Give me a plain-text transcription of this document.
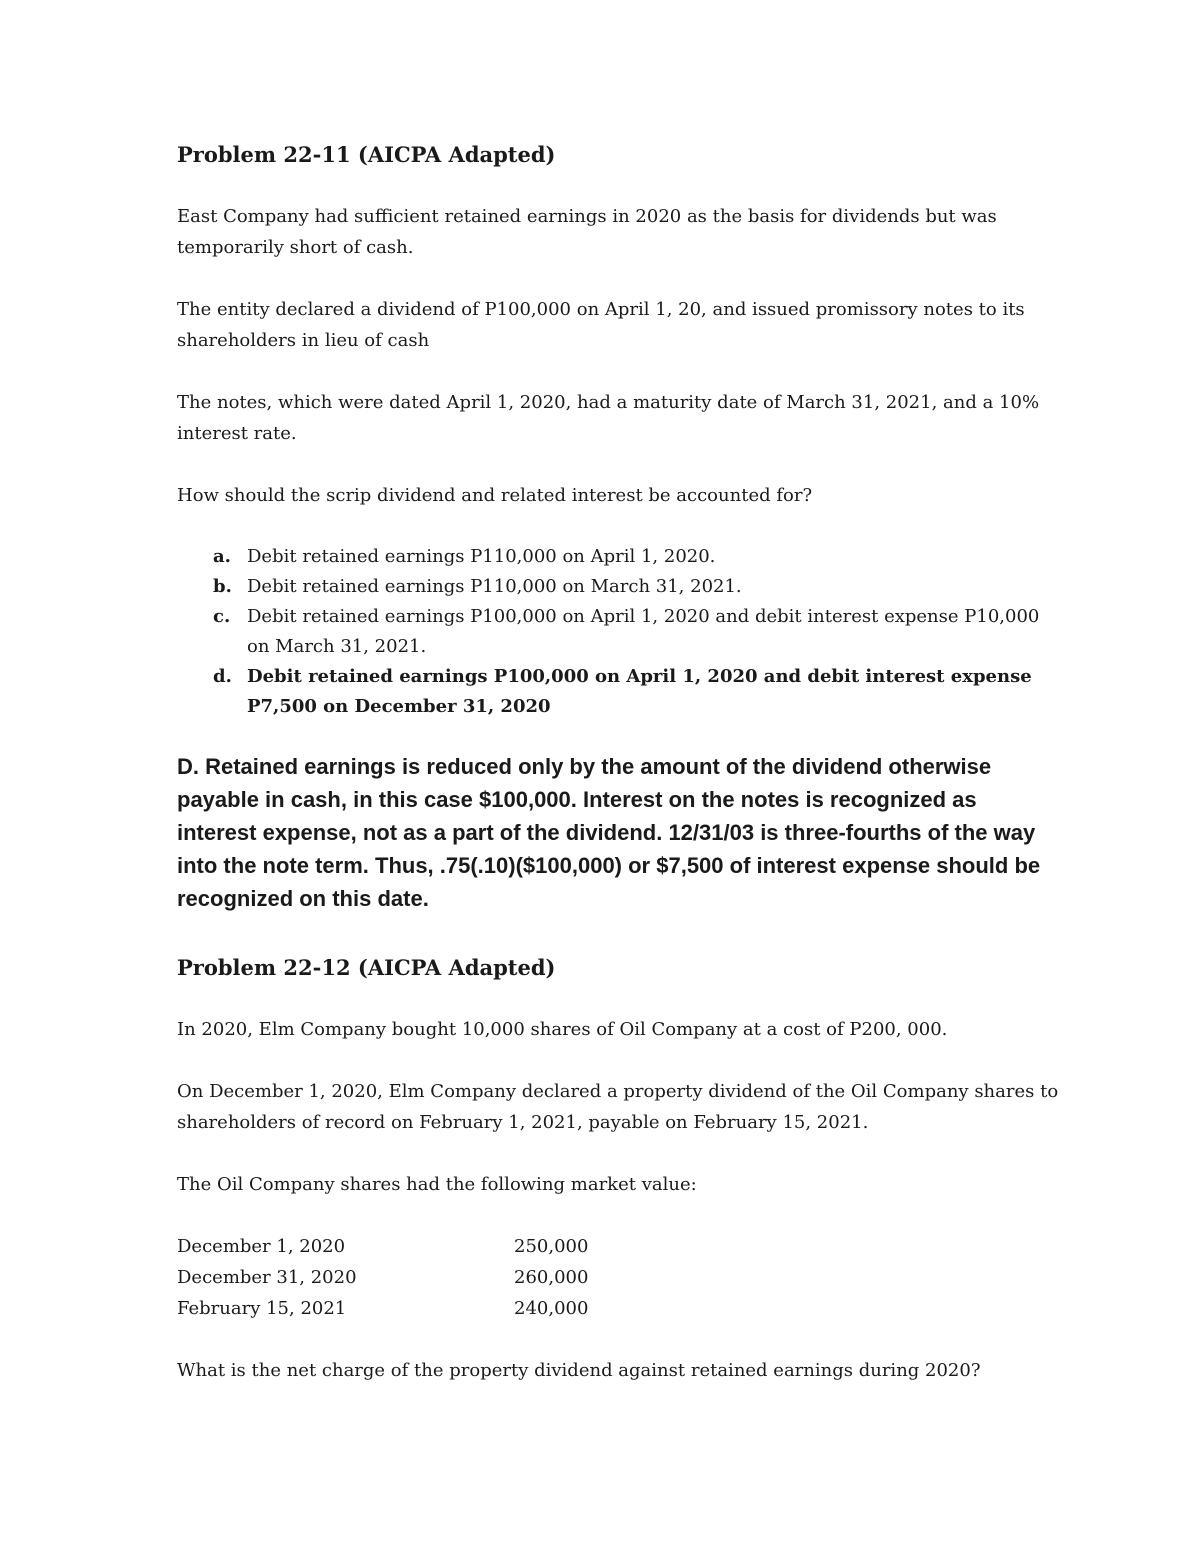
Problem 22-11 (AICPA Adapted)

East Company had sufficient retained earnings in 2020 as the basis for dividends but was temporarily short of cash.

The entity declared a dividend of P100,000 on April 1, 20, and issued promissory notes to its shareholders in lieu of cash

The notes, which were dated April 1, 2020, had a maturity date of March 31, 2021, and a 10% interest rate.

How should the scrip dividend and related interest be accounted for?

a. Debit retained earnings P110,000 on April 1, 2020.
b. Debit retained earnings P110,000 on March 31, 2021.
c. Debit retained earnings P100,000 on April 1, 2020 and debit interest expense P10,000 on March 31, 2021.
d. Debit retained earnings P100,000 on April 1, 2020 and debit interest expense P7,500 on December 31, 2020

D. Retained earnings is reduced only by the amount of the dividend otherwise payable in cash, in this case $100,000. Interest on the notes is recognized as interest expense, not as a part of the dividend. 12/31/03 is three-fourths of the way into the note term. Thus, .75(.10)($100,000) or $7,500 of interest expense should be recognized on this date.

Problem 22-12 (AICPA Adapted)

In 2020, Elm Company bought 10,000 shares of Oil Company at a cost of P200, 000.

On December 1, 2020, Elm Company declared a property dividend of the Oil Company shares to shareholders of record on February 1, 2021, payable on February 15, 2021.

The Oil Company shares had the following market value:

December 1, 2020	250,000
December 31, 2020	260,000
February 15, 2021	240,000

What is the net charge of the property dividend against retained earnings during 2020?
